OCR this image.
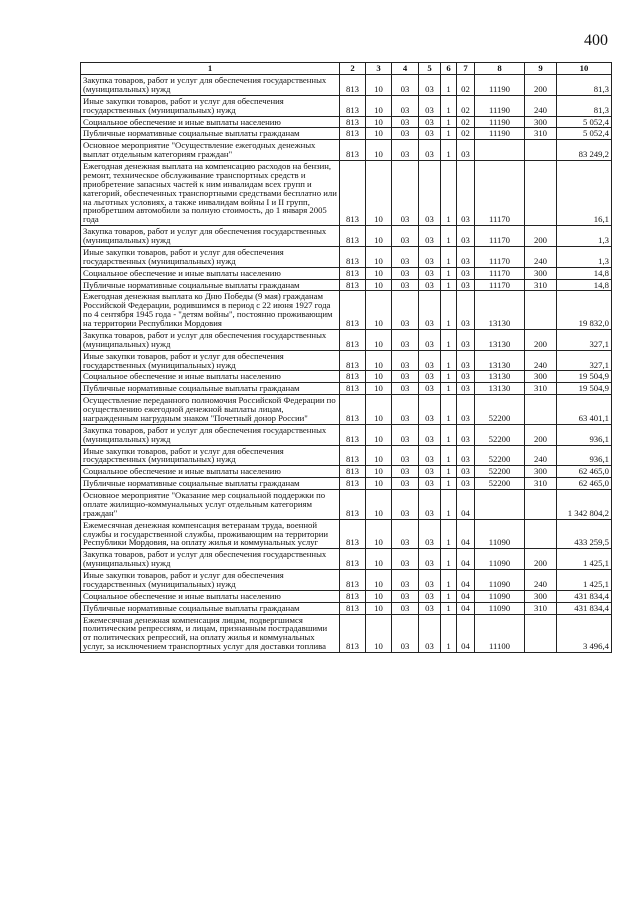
400
1	2	3	4	5	6	7	8	9	10
Закупка товаров, работ и услуг для обеспечения государственных (муниципальных) нужд	813	10	03	03	1	02	11190	200	81,3
Иные закупки товаров, работ и услуг для обеспечения государственных (муниципальных) нужд	813	10	03	03	1	02	11190	240	81,3
Социальное обеспечение и иные выплаты населению	813	10	03	03	1	02	11190	300	5 052,4
Публичные нормативные социальные выплаты гражданам	813	10	03	03	1	02	11190	310	5 052,4
Основное мероприятие "Осуществление ежегодных денежных выплат отдельным категориям граждан"	813	10	03	03	1	03			83 249,2
Ежегодная денежная выплата на компенсацию расходов на бензин, ремонт, техническое обслуживание транспортных средств и приобретение запасных частей к ним инвалидам всех групп и категорий, обеспеченных транспортными средствами бесплатно или на льготных условиях, а также инвалидам войны I и II групп, приобретшим автомобили за полную стоимость, до 1 января 2005 года	813	10	03	03	1	03	11170		16,1
Закупка товаров, работ и услуг для обеспечения государственных (муниципальных) нужд	813	10	03	03	1	03	11170	200	1,3
Иные закупки товаров, работ и услуг для обеспечения государственных (муниципальных) нужд	813	10	03	03	1	03	11170	240	1,3
Социальное обеспечение и иные выплаты населению	813	10	03	03	1	03	11170	300	14,8
Публичные нормативные социальные выплаты гражданам	813	10	03	03	1	03	11170	310	14,8
Ежегодная денежная выплата ко Дню Победы (9 мая) гражданам Российской Федерации, родившимся в период с 22 июня 1927 года по 4 сентября 1945 года - "детям войны", постоянно проживающим на территории Республики Мордовия	813	10	03	03	1	03	13130		19 832,0
Закупка товаров, работ и услуг для обеспечения государственных (муниципальных) нужд	813	10	03	03	1	03	13130	200	327,1
Иные закупки товаров, работ и услуг для обеспечения государственных (муниципальных) нужд	813	10	03	03	1	03	13130	240	327,1
Социальное обеспечение и иные выплаты населению	813	10	03	03	1	03	13130	300	19 504,9
Публичные нормативные социальные выплаты гражданам	813	10	03	03	1	03	13130	310	19 504,9
Осуществление переданного полномочия Российской Федерации по осуществлению ежегодной денежной выплаты лицам, награжденным нагрудным знаком "Почетный донор России"	813	10	03	03	1	03	52200		63 401,1
Закупка товаров, работ и услуг для обеспечения государственных (муниципальных) нужд	813	10	03	03	1	03	52200	200	936,1
Иные закупки товаров, работ и услуг для обеспечения государственных (муниципальных) нужд	813	10	03	03	1	03	52200	240	936,1
Социальное обеспечение и иные выплаты населению	813	10	03	03	1	03	52200	300	62 465,0
Публичные нормативные социальные выплаты гражданам	813	10	03	03	1	03	52200	310	62 465,0
Основное мероприятие "Оказание мер социальной поддержки по оплате жилищно-коммунальных услуг отдельным категориям граждан"	813	10	03	03	1	04			1 342 804,2
Ежемесячная денежная компенсация ветеранам труда, военной службы и государственной службы, проживающим на территории Республики Мордовия, на оплату жилья и коммунальных услуг	813	10	03	03	1	04	11090		433 259,5
Закупка товаров, работ и услуг для обеспечения государственных (муниципальных) нужд	813	10	03	03	1	04	11090	200	1 425,1
Иные закупки товаров, работ и услуг для обеспечения государственных (муниципальных) нужд	813	10	03	03	1	04	11090	240	1 425,1
Социальное обеспечение и иные выплаты населению	813	10	03	03	1	04	11090	300	431 834,4
Публичные нормативные социальные выплаты гражданам	813	10	03	03	1	04	11090	310	431 834,4
Ежемесячная денежная компенсация лицам, подвергшимся политическим репрессиям, и лицам, признанным пострадавшими от политических репрессий, на оплату жилья и коммунальных услуг, за исключением транспортных услуг для доставки топлива	813	10	03	03	1	04	11100		3 496,4
